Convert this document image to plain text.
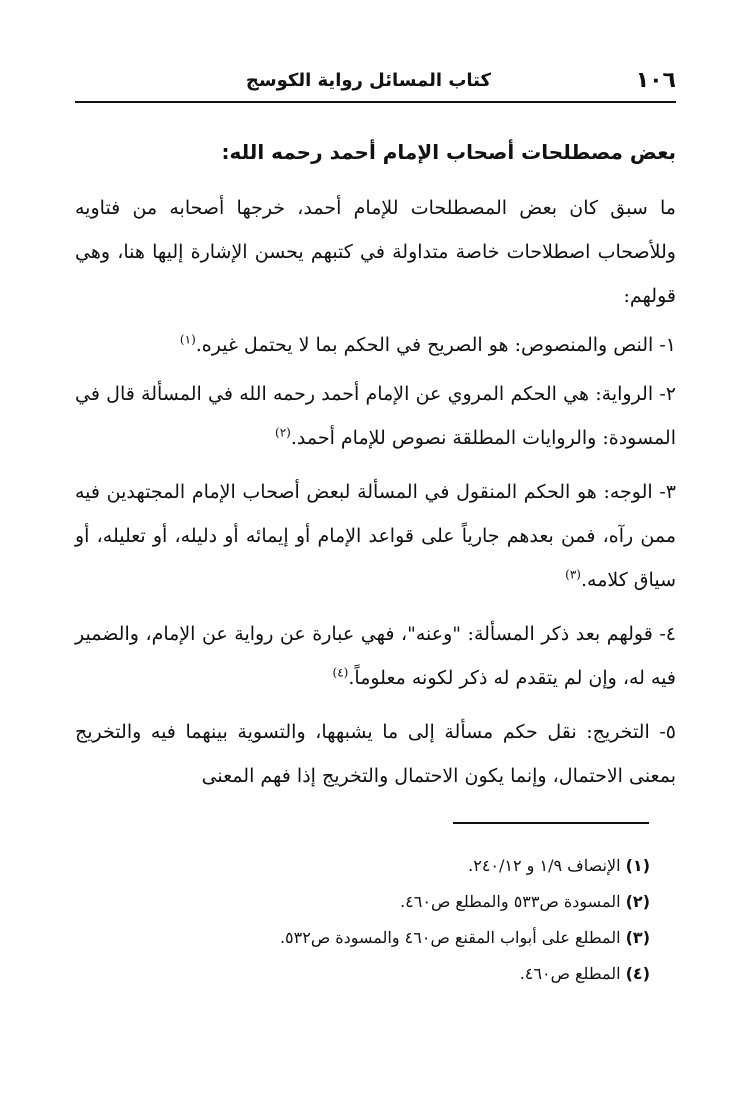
١٠٦
كتاب المسائل رواية الكوسج
بعض مصطلحات أصحاب الإمام أحمد رحمه الله:

ما سبق كان بعض المصطلحات للإمام أحمد، خرجها أصحابه من فتاويه وللأصحاب اصطلاحات خاصة متداولة في كتبهم يحسن الإشارة إليها هنا، وهي قولهم:

١- النص والمنصوص: هو الصريح في الحكم بما لا يحتمل غيره.$^{(١)}$

٢- الرواية: هي الحكم المروي عن الإمام أحمد رحمه الله في المسألة قال في المسودة: والروايات المطلقة نصوص للإمام أحمد.$^{(٢)}$

٣- الوجه: هو الحكم المنقول في المسألة لبعض أصحاب الإمام المجتهدين فيه ممن رآه، فمن بعدهم جارياً على قواعد الإمام أو إيمائه أو دليله، أو تعليله، أو سياق كلامه.$^{(٣)}$

٤- قولهم بعد ذكر المسألة: "وعنه"، فهي عبارة عن رواية عن الإمام، والضمير فيه له، وإن لم يتقدم له ذكر لكونه معلوماً.$^{(٤)}$

٥- التخريج: نقل حكم مسألة إلى ما يشبهها، والتسوية بينهما فيه والتخريج بمعنى الاحتمال، وإنما يكون الاحتمال والتخريج إذا فهم المعنى

(١) الإنصاف ١/٩ و ٢٤٠/١٢.
(٢) المسودة ص٥٣٣ والمطلع ص٤٦٠.
(٣) المطلع على أبواب المقنع ص٤٦٠ والمسودة ص٥٣٢.
(٤) المطلع ص٤٦٠.
